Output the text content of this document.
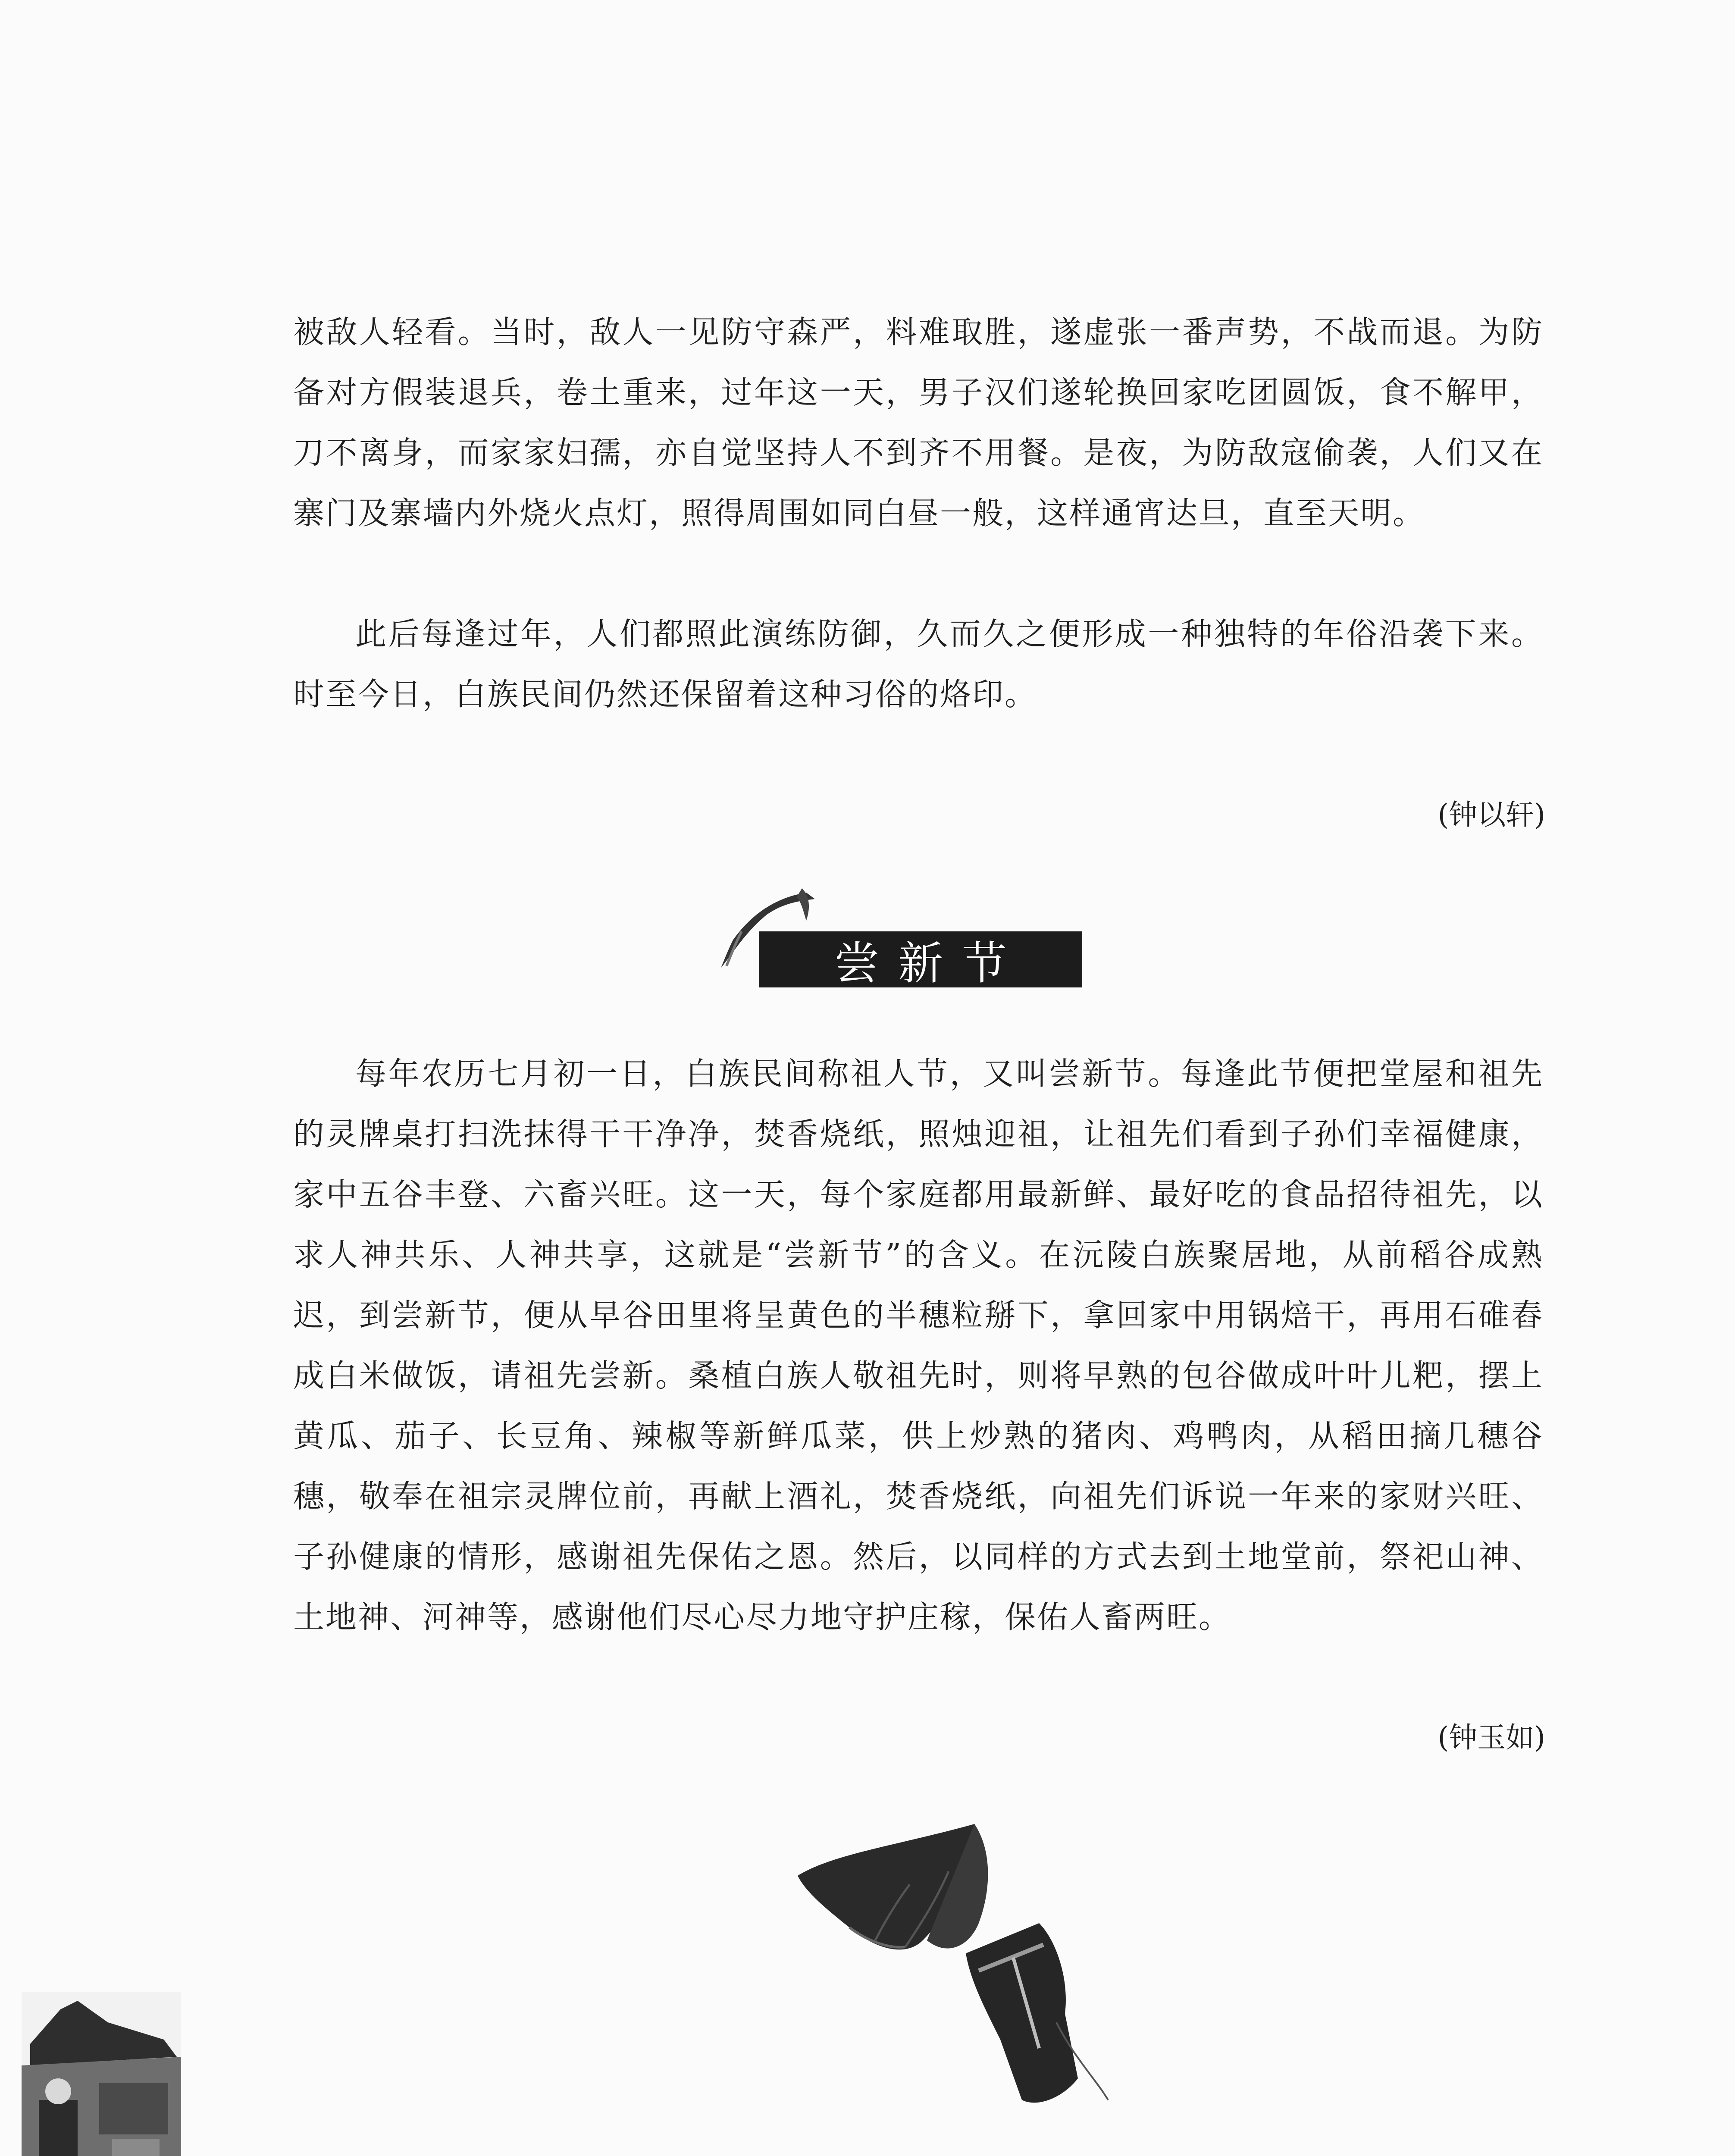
被敌人轻看。当时，敌人一见防守森严，料难取胜，遂虚张一番声势，不战而退。为防备对方假装退兵，卷土重来，过年这一天，男子汉们遂轮换回家吃团圆饭，食不解甲，刀不离身，而家家妇孺，亦自觉坚持人不到齐不用餐。是夜，为防敌寇偷袭，人们又在寨门及寨墙内外烧火点灯，照得周围如同白昼一般，这样通宵达旦，直至天明。

此后每逢过年，人们都照此演练防御，久而久之便形成一种独特的年俗沿袭下来。时至今日，白族民间仍然还保留着这种习俗的烙印。

(钟以轩)

尝新节

每年农历七月初一日，白族民间称祖人节，又叫尝新节。每逢此节便把堂屋和祖先的灵牌桌打扫洗抹得干干净净，焚香烧纸，照烛迎祖，让祖先们看到子孙们幸福健康，家中五谷丰登、六畜兴旺。这一天，每个家庭都用最新鲜、最好吃的食品招待祖先，以求人神共乐、人神共享，这就是“尝新节”的含义。在沅陵白族聚居地，从前稻谷成熟迟，到尝新节，便从早谷田里将呈黄色的半穗粒掰下，拿回家中用锅焙干，再用石碓舂成白米做饭，请祖先尝新。桑植白族人敬祖先时，则将早熟的包谷做成叶叶儿粑，摆上黄瓜、茄子、长豆角、辣椒等新鲜瓜菜，供上炒熟的猪肉、鸡鸭肉，从稻田摘几穗谷穗，敬奉在祖宗灵牌位前，再献上酒礼，焚香烧纸，向祖先们诉说一年来的家财兴旺、子孙健康的情形，感谢祖先保佑之恩。然后，以同样的方式去到土地堂前，祭祀山神、土地神、河神等，感谢他们尽心尽力地守护庄稼，保佑人畜两旺。

(钟玉如)
